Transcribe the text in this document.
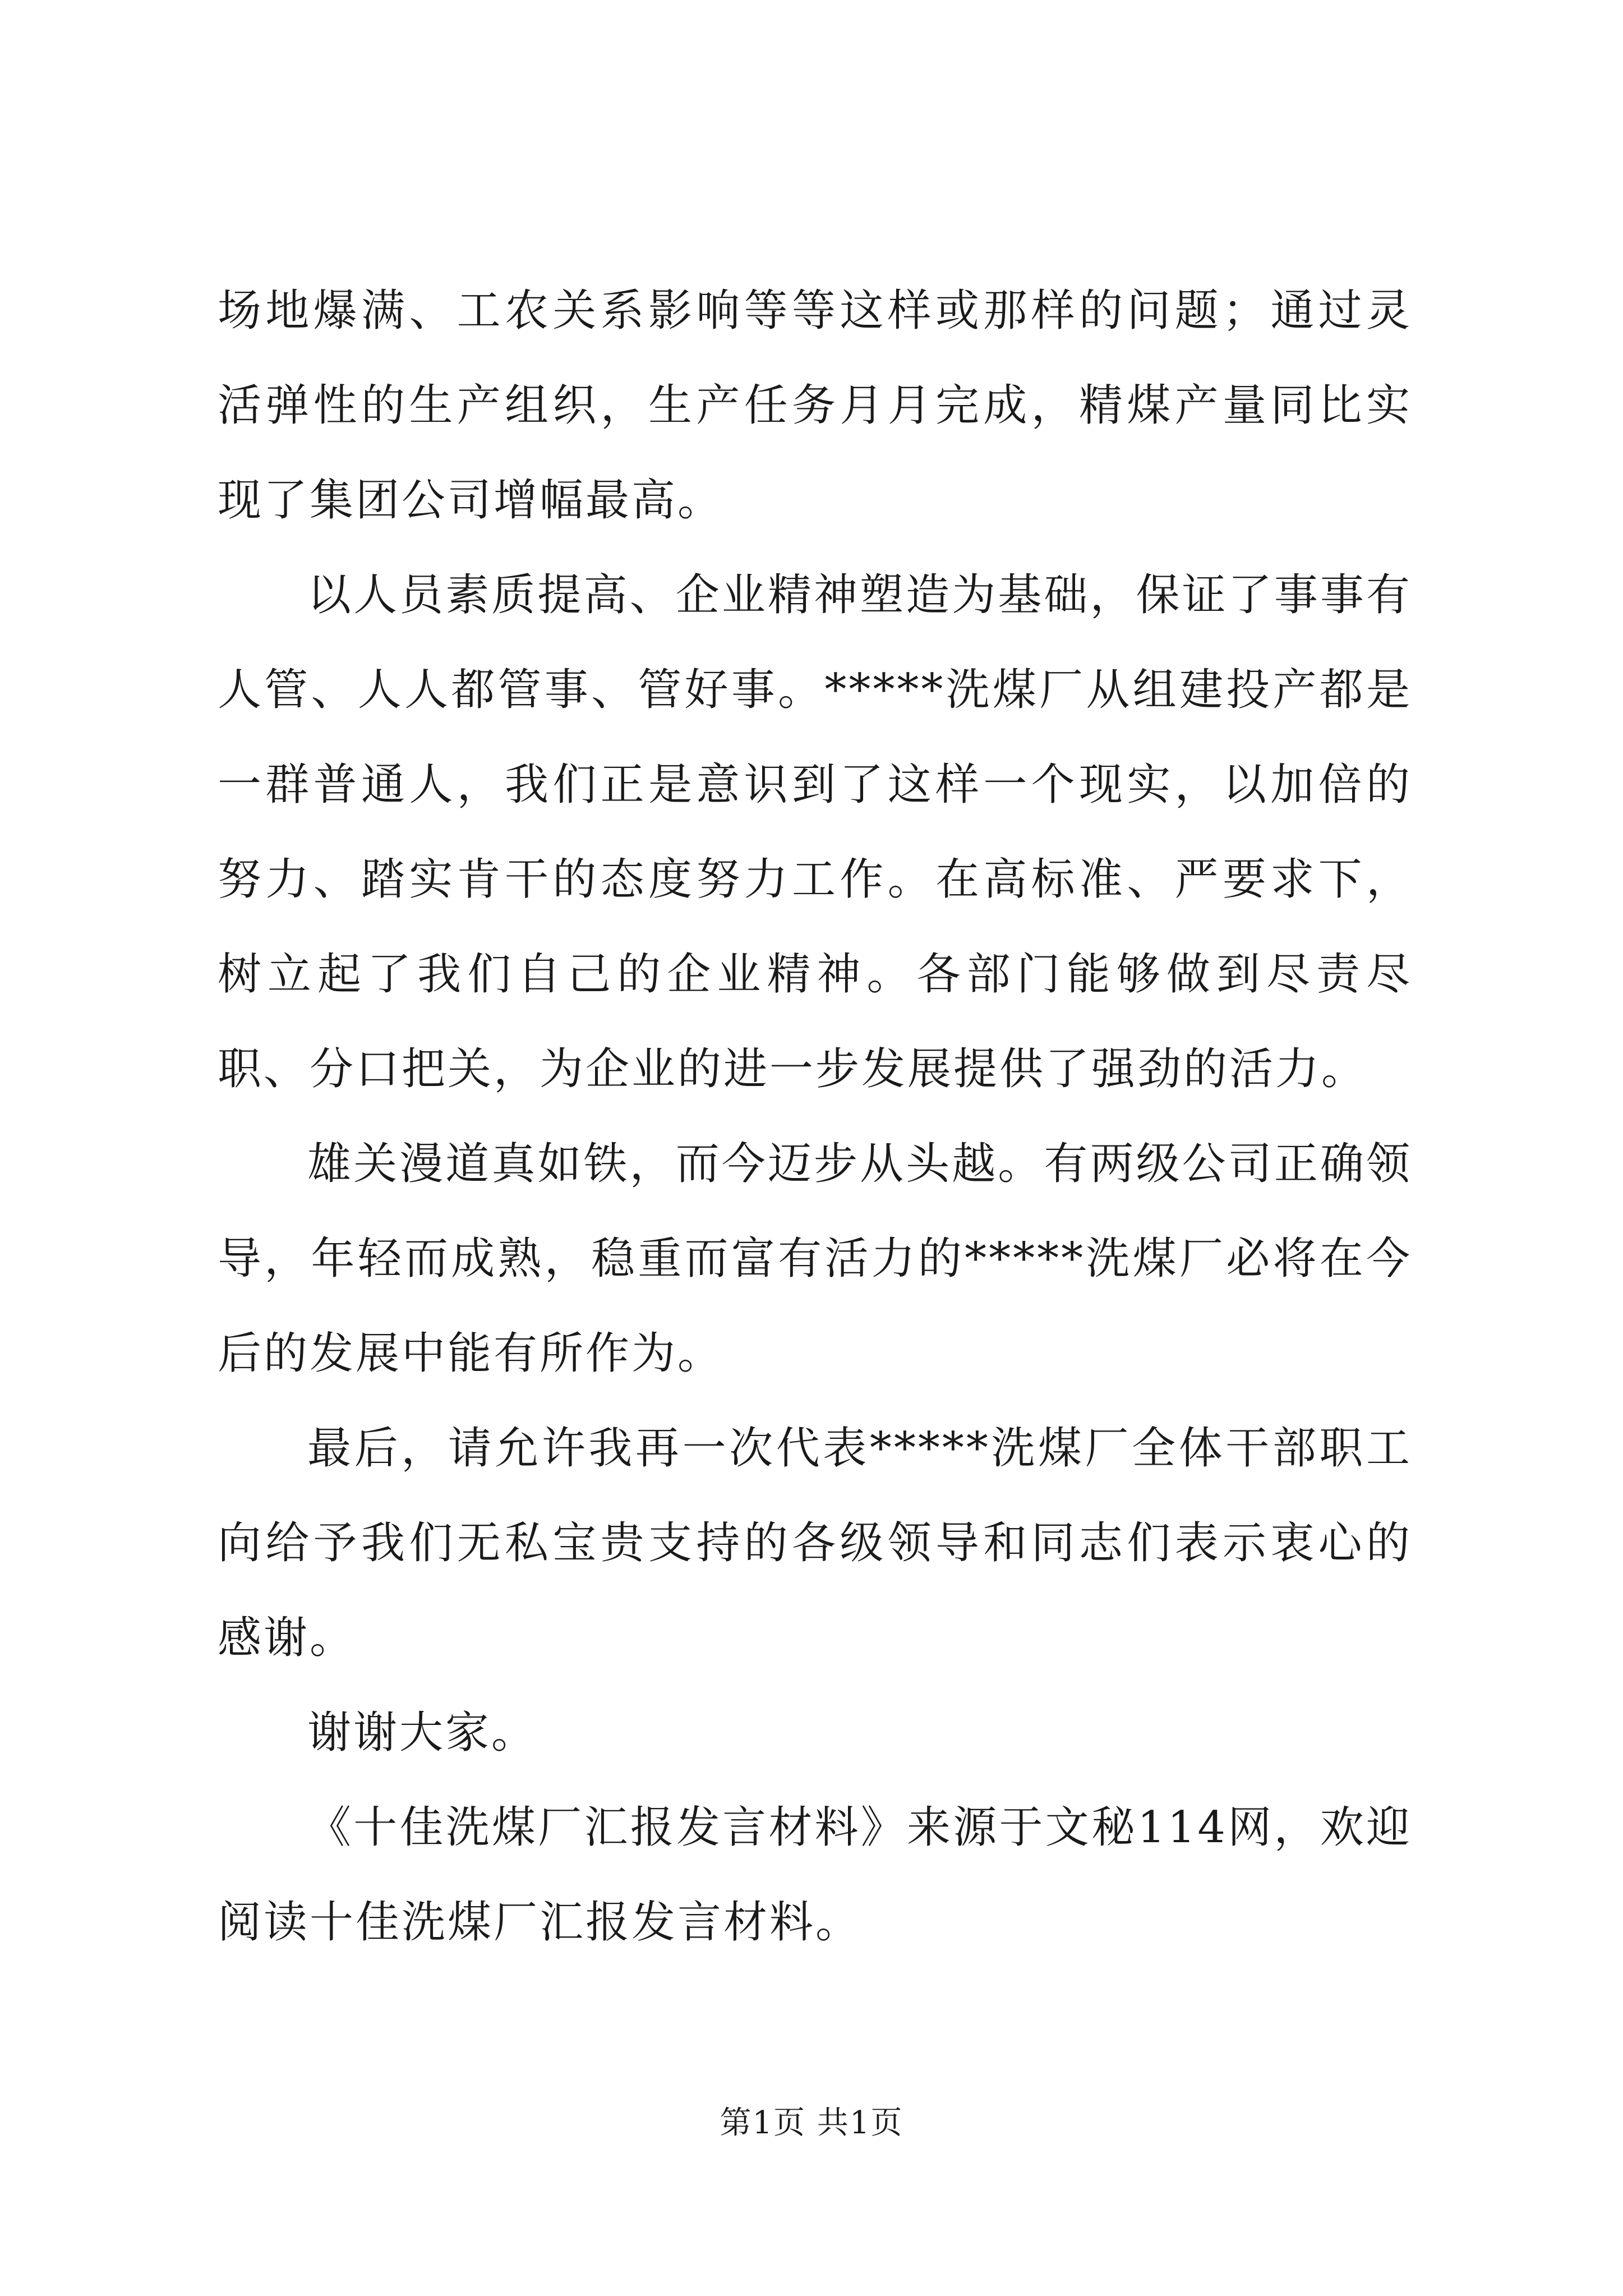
场地爆满、工农关系影响等等这样或那样的问题；通过灵活弹性的生产组织，生产任务月月完成，精煤产量同比实现了集团公司增幅最高。

以人员素质提高、企业精神塑造为基础，保证了事事有人管、人人都管事、管好事。*****洗煤厂从组建投产都是一群普通人，我们正是意识到了这样一个现实，以加倍的努力、踏实肯干的态度努力工作。在高标准、严要求下，树立起了我们自己的企业精神。各部门能够做到尽责尽职、分口把关，为企业的进一步发展提供了强劲的活力。

雄关漫道真如铁，而今迈步从头越。有两级公司正确领导，年轻而成熟，稳重而富有活力的*****洗煤厂必将在今后的发展中能有所作为。

最后，请允许我再一次代表*****洗煤厂全体干部职工向给予我们无私宝贵支持的各级领导和同志们表示衷心的感谢。

谢谢大家。

《十佳洗煤厂汇报发言材料》来源于文秘114网，欢迎阅读十佳洗煤厂汇报发言材料。

第1页 共1页
